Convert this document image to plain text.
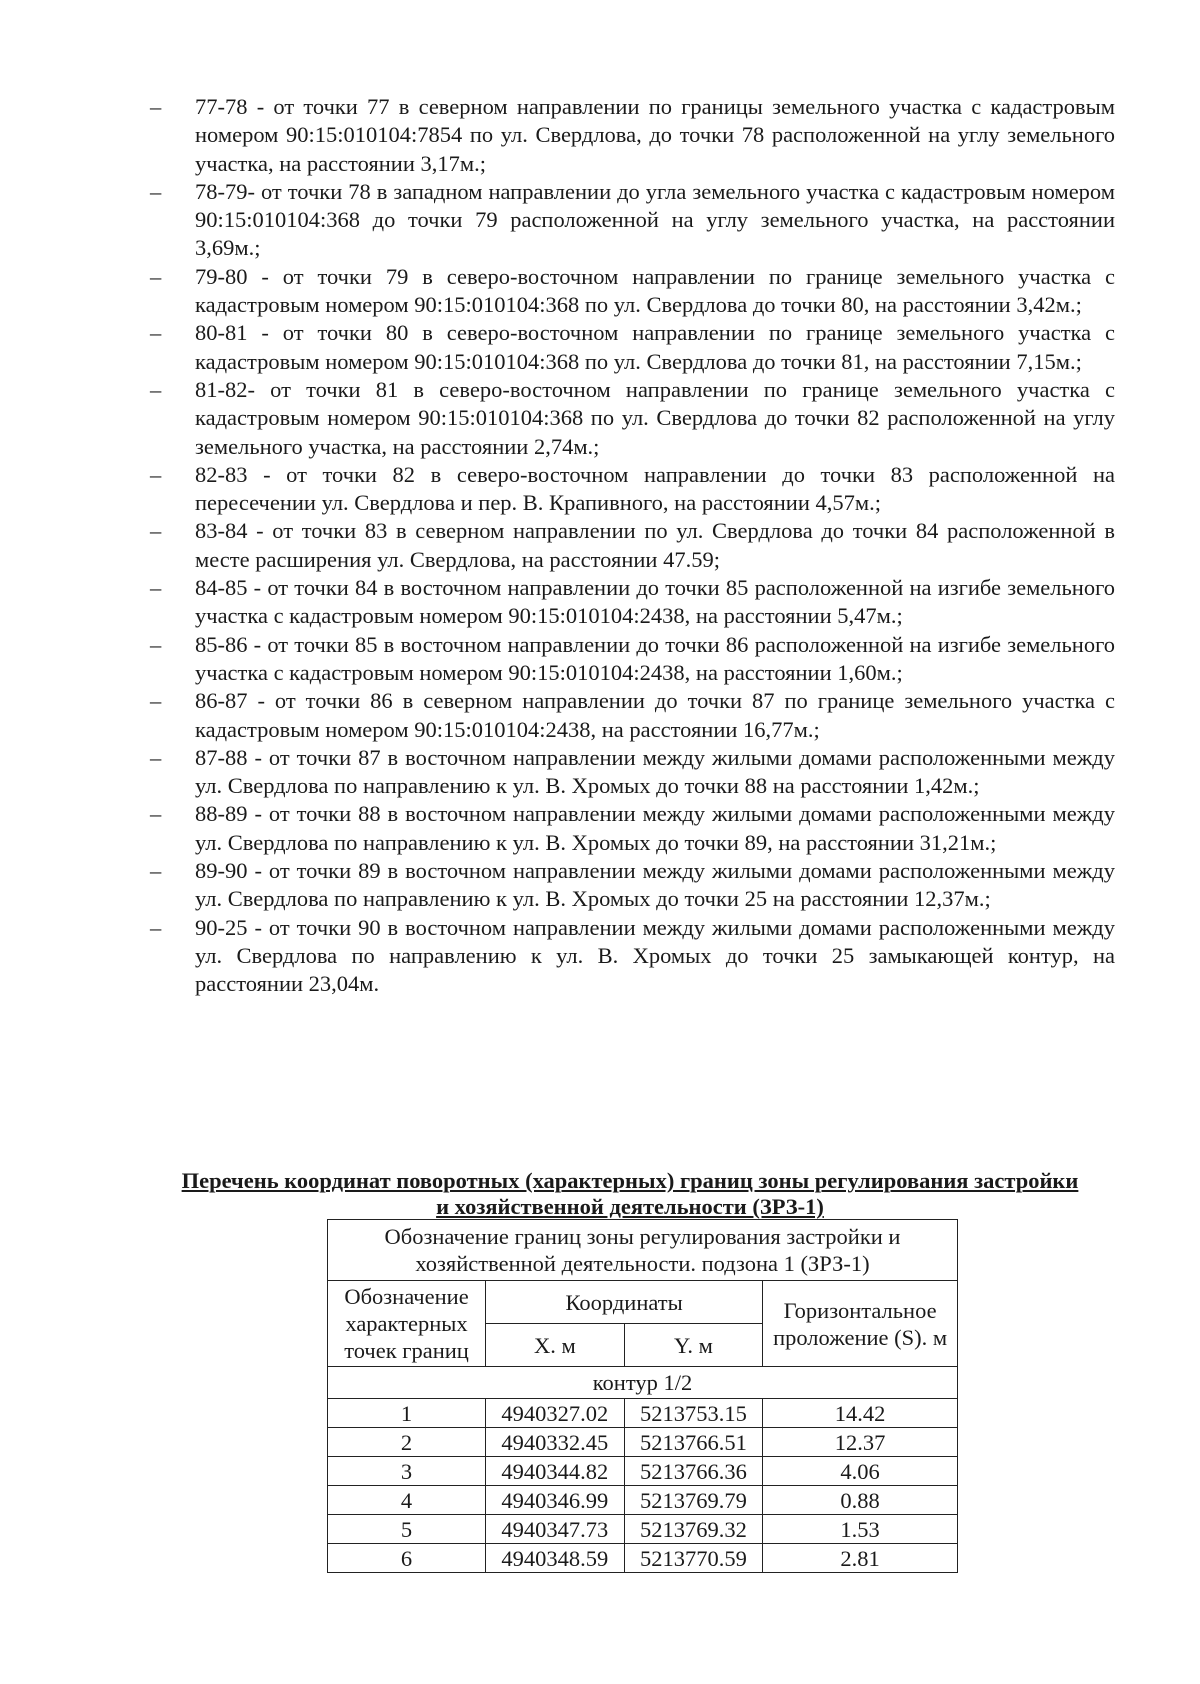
–	77-78 - от точки 77 в северном направлении по границы земельного участка с кадастровым номером 90:15:010104:7854 по ул. Свердлова, до точки 78 расположенной на углу земельного участка, на расстоянии 3,17м.;
–	78-79- от точки 78 в западном направлении до угла земельного участка с кадастровым номером 90:15:010104:368 до точки 79 расположенной на углу земельного участка, на расстоянии 3,69м.;
–	79-80 - от точки 79 в северо-восточном направлении по границе земельного участка с кадастровым номером 90:15:010104:368 по ул. Свердлова до точки 80, на расстоянии 3,42м.;
–	80-81 - от точки 80 в северо-восточном направлении по границе земельного участка с кадастровым номером 90:15:010104:368 по ул. Свердлова до точки 81, на расстоянии 7,15м.;
–	81-82- от точки 81 в северо-восточном направлении по границе земельного участка с кадастровым номером 90:15:010104:368 по ул. Свердлова до точки 82 расположенной на углу земельного участка, на расстоянии 2,74м.;
–	82-83 - от точки 82 в северо-восточном направлении до точки 83 расположенной на пересечении ул. Свердлова и пер. В. Крапивного, на расстоянии 4,57м.;
–	83-84 - от точки 83 в северном направлении по ул. Свердлова до точки 84 расположенной в месте расширения ул. Свердлова, на расстоянии 47.59;
–	84-85 - от точки 84 в восточном направлении до точки 85 расположенной на изгибе земельного участка с кадастровым номером 90:15:010104:2438, на расстоянии 5,47м.;
–	85-86 - от точки 85 в восточном направлении до точки 86 расположенной на изгибе земельного участка с кадастровым номером 90:15:010104:2438, на расстоянии 1,60м.;
–	86-87 - от точки 86 в северном направлении до точки 87 по границе земельного участка с кадастровым номером 90:15:010104:2438, на расстоянии 16,77м.;
–	87-88 - от точки 87 в восточном направлении между жилыми домами расположенными между ул. Свердлова по направлению к ул. В. Хромых до точки 88 на расстоянии 1,42м.;
–	88-89 - от точки 88 в восточном направлении между жилыми домами расположенными между ул. Свердлова по направлению к ул. В. Хромых до точки 89, на расстоянии 31,21м.;
–	89-90 - от точки 89 в восточном направлении между жилыми домами расположенными между ул. Свердлова по направлению к ул. В. Хромых до точки 25 на расстоянии 12,37м.;
–	90-25 - от точки 90 в восточном направлении между жилыми домами расположенными между ул. Свердлова по направлению к ул. В. Хромых до точки 25 замыкающей контур, на расстоянии 23,04м.
Перечень координат поворотных (характерных) границ зоны регулирования застройки
и хозяйственной деятельности (ЗРЗ-1)
Обозначение границ зоны регулирования застройки и хозяйственной деятельности. подзона 1 (ЗРЗ-1)			
Обозначение характерных точек границ	Координаты		Горизонтальное проложение (S). м
	X. м	Y. м	
контур 1/2			
1	4940327.02	5213753.15	14.42
2	4940332.45	5213766.51	12.37
3	4940344.82	5213766.36	4.06
4	4940346.99	5213769.79	0.88
5	4940347.73	5213769.32	1.53
6	4940348.59	5213770.59	2.81
